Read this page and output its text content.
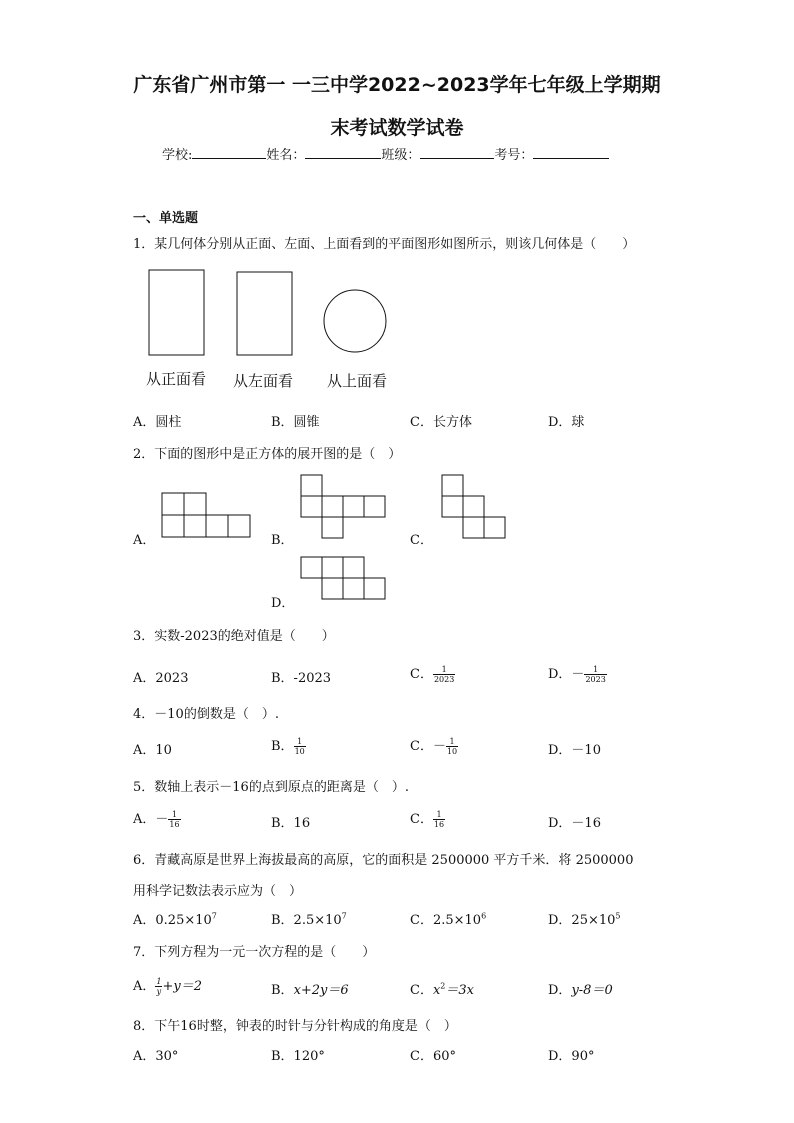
广东省广州市第一 一三中学2022~2023学年七年级上学期期
末考试数学试卷
学校:	姓名：	班级：	考号：
一、单选题
1．某几何体分别从正面、左面、上面看到的平面图形如图所示，则该几何体是（　　）
从正面看 从左面看 从上面看
A．圆柱	B．圆锥	C．长方体	D．球
2．下面的图形中是正方体的展开图的是（　）
A．	B．	C．
D．
3．实数-2023的绝对值是（　　）
A．2023	B．-2023	C． $\frac{1}{2023}$	D．－ $\frac{1}{2023}$
4．－10的倒数是（　）.
A．10	B． $\frac{1}{10}$	C．－ $\frac{1}{10}$	D．－10
5．数轴上表示－16的点到原点的距离是（　）.
A．－ $\frac{1}{16}$	B．16	C． $\frac{1}{16}$	D．－16
6．青藏高原是世界上海拔最高的高原，它的面积是 2500000 平方千米．将 2500000
用科学记数法表示应为（　）
A．$0.25\times 10^7$	B．$2.5\times 10^7$	C．$2.5\times 10^6$	D．$25\times 10^5$
7．下列方程为一元一次方程的是（　　）
A． $\frac{1}{y} +y=2$	B．x+2y＝6	C．$x^2=3x$	D．y-8＝0
8．下午16时整，钟表的时针与分针构成的角度是（　）
A．30°	B．120°	C．60°	D．90°
